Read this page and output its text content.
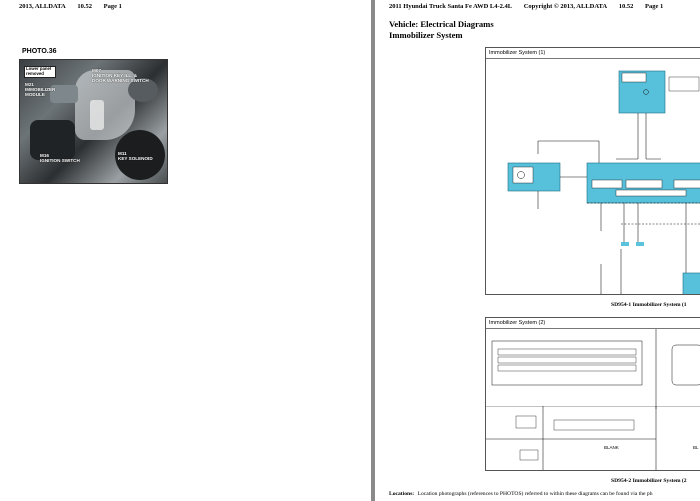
2013, ALLDATA 10.52 Page 1
PHOTO.36
Lower panel removed
M21
IMMOBILIZER
MODULE
M07
IGNITION KEY ILL. &
DOOR WARNING SWITCH
M16
IGNITION SWITCH
M11
KEY SOLENOID
2011 Hyundai Truck Santa Fe AWD L4-2.4L Copyright © 2013, ALLDATA 10.52 Page 1
Vehicle: Electrical Diagrams
Immobilizer System
Immobilizer System (1)
SD954-1 Immobilizer System (1
Immobilizer System (2)
BLANK	BL
SD954-2 Immobilizer System (2
Locations: Location photographs (references to PHOTOS) referred to within these diagrams can be found via the ph
